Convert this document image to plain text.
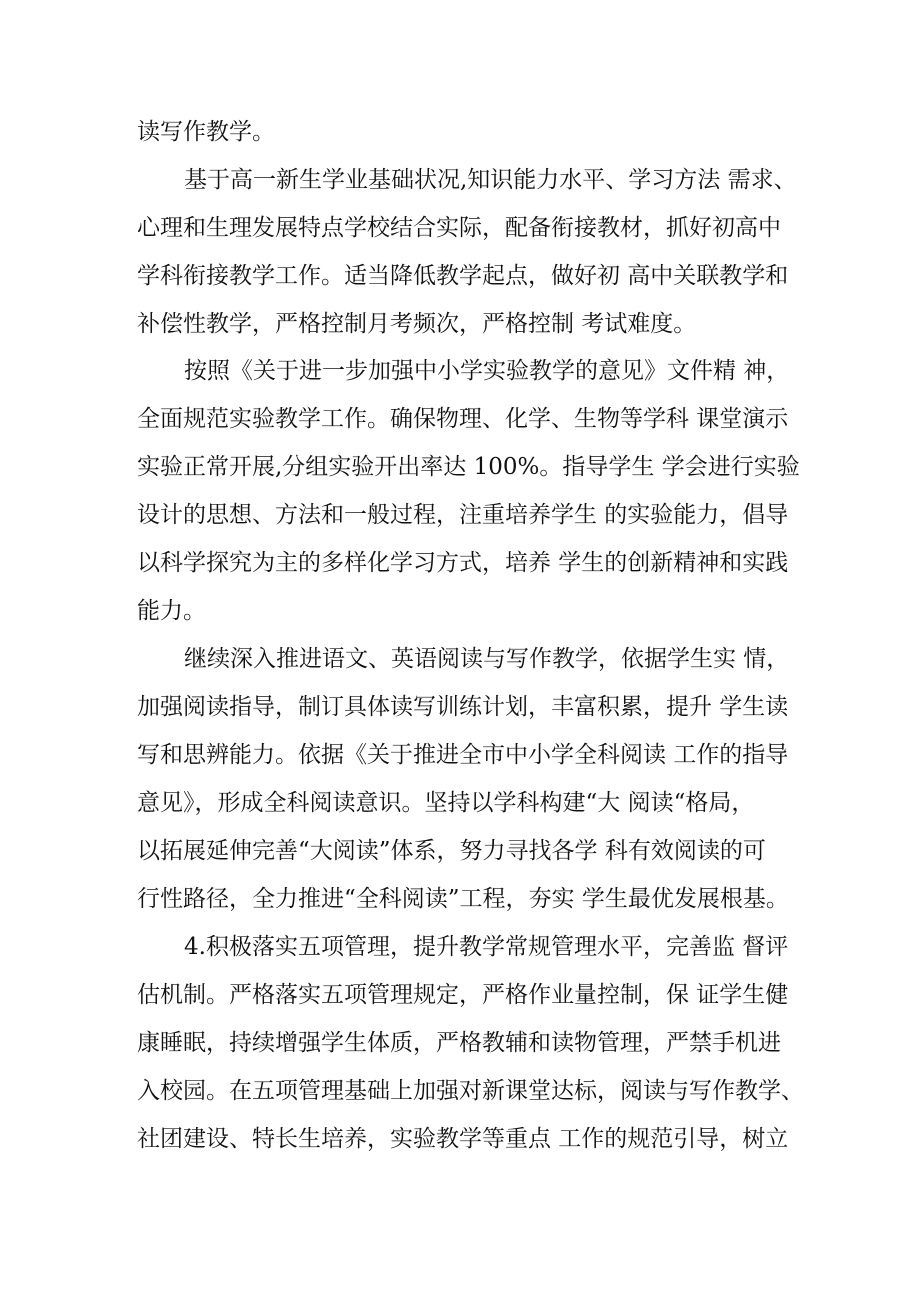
读写作教学。
基于高一新生学业基础状况,知识能力水平、学习方法 需求、
心理和生理发展特点学校结合实际，配备衔接教材，抓好初高中
学科衔接教学工作。适当降低教学起点，做好初 高中关联教学和
补偿性教学，严格控制月考频次，严格控制 考试难度。
按照《关于进一步加强中小学实验教学的意见》文件精 神，
全面规范实验教学工作。确保物理、化学、生物等学科 课堂演示
实验正常开展,分组实验开出率达 100%。指导学生 学会进行实验
设计的思想、方法和一般过程，注重培养学生 的实验能力，倡导
以科学探究为主的多样化学习方式，培养 学生的创新精神和实践
能力。
继续深入推进语文、英语阅读与写作教学，依据学生实 情，
加强阅读指导，制订具体读写训练计划，丰富积累，提升 学生读
写和思辨能力。依据《关于推进全市中小学全科阅读 工作的指导
意见》，形成全科阅读意识。坚持以学科构建“大 阅读“格局，
以拓展延伸完善“大阅读”体系，努力寻找各学 科有效阅读的可
行性路径，全力推进“全科阅读”工程，夯实 学生最优发展根基。
4.积极落实五项管理，提升教学常规管理水平，完善监 督评
估机制。严格落实五项管理规定，严格作业量控制，保 证学生健
康睡眠，持续增强学生体质，严格教辅和读物管理，严禁手机进
入校园。在五项管理基础上加强对新课堂达标，阅读与写作教学、
社团建设、特长生培养，实验教学等重点 工作的规范引导，树立
